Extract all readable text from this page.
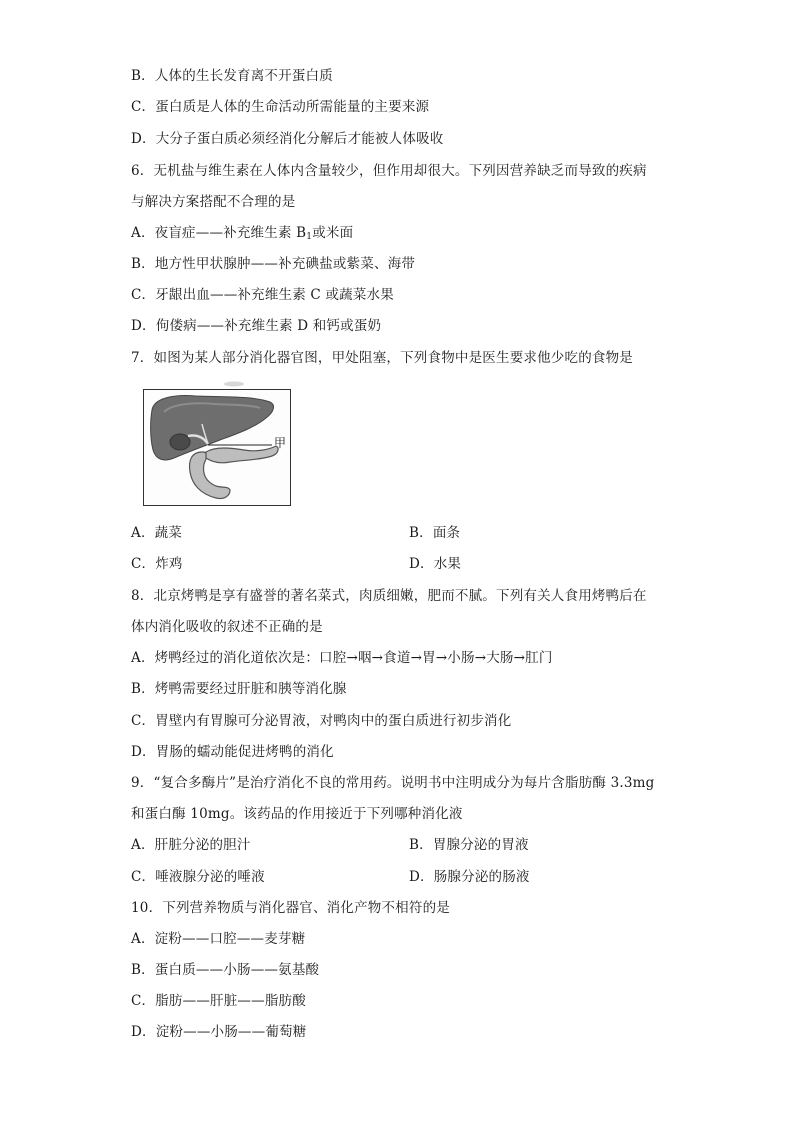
B．人体的生长发育离不开蛋白质
C．蛋白质是人体的生命活动所需能量的主要来源
D．大分子蛋白质必须经消化分解后才能被人体吸收
6．无机盐与维生素在人体内含量较少，但作用却很大。下列因营养缺乏而导致的疾病
与解决方案搭配不合理的是
A．夜盲症——补充维生素 $B_1$或米面
B．地方性甲状腺肿——补充碘盐或紫菜、海带
C．牙龈出血——补充维生素 C 或蔬菜水果
D．佝偻病——补充维生素 D 和钙或蛋奶
7．如图为某人部分消化器官图，甲处阻塞，下列食物中是医生要求他少吃的食物是
甲
A．蔬菜	B．面条
C．炸鸡	D．水果
8．北京烤鸭是享有盛誉的著名菜式，肉质细嫩，肥而不腻。下列有关人食用烤鸭后在
体内消化吸收的叙述不正确的是
A．烤鸭经过的消化道依次是：口腔→咽→食道→胃→小肠→大肠→肛门
B．烤鸭需要经过肝脏和胰等消化腺
C．胃壁内有胃腺可分泌胃液，对鸭肉中的蛋白质进行初步消化
D．胃肠的蠕动能促进烤鸭的消化
9．“复合多酶片”是治疗消化不良的常用药。说明书中注明成分为每片含脂肪酶 3.3mg
和蛋白酶 10mg。该药品的作用接近于下列哪种消化液
A．肝脏分泌的胆汁	B．胃腺分泌的胃液
C．唾液腺分泌的唾液	D．肠腺分泌的肠液
10．下列营养物质与消化器官、消化产物不相符的是
A．淀粉——口腔——麦芽糖
B．蛋白质——小肠——氨基酸
C．脂肪——肝脏——脂肪酸
D．淀粉——小肠——葡萄糖
